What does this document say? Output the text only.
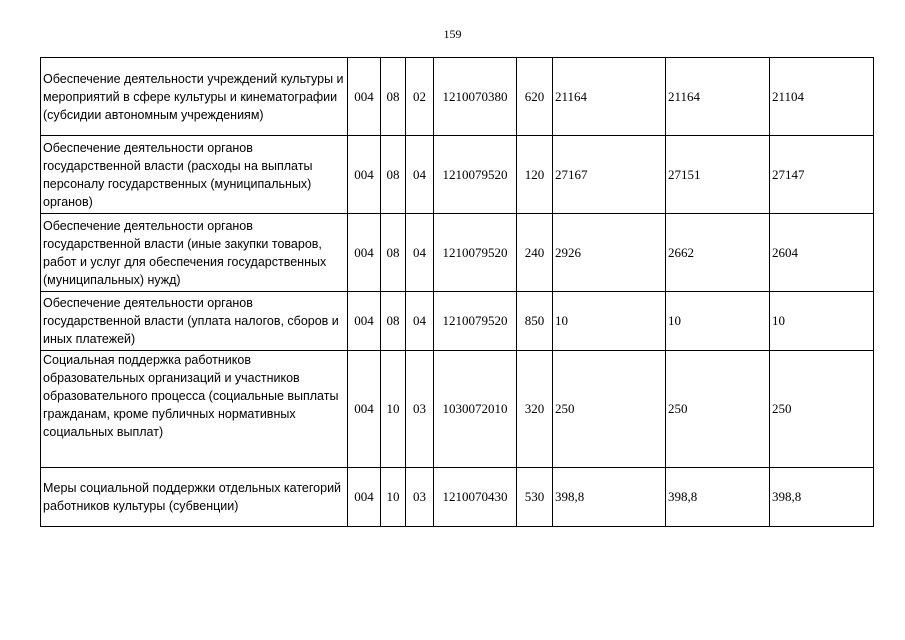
159
Обеспечение деятельности учреждений культуры и мероприятий в сфере культуры и кинематографии (субсидии автономным учреждениям)	004	08	02	1210070380	620	21164	21164	21104
Обеспечение деятельности органов государственной власти (расходы на выплаты персоналу государственных (муниципальных) органов)	004	08	04	1210079520	120	27167	27151	27147
Обеспечение деятельности органов государственной власти (иные закупки товаров, работ и услуг для обеспечения государственных (муниципальных) нужд)	004	08	04	1210079520	240	2926	2662	2604
Обеспечение деятельности органов государственной власти (уплата налогов, сборов и иных платежей)	004	08	04	1210079520	850	10	10	10
Социальная поддержка работников образовательных организаций и участников образовательного процесса (социальные выплаты гражданам, кроме публичных нормативных социальных выплат)	004	10	03	1030072010	320	250	250	250
Меры социальной поддержки отдельных категорий работников культуры (субвенции)	004	10	03	1210070430	530	398,8	398,8	398,8
